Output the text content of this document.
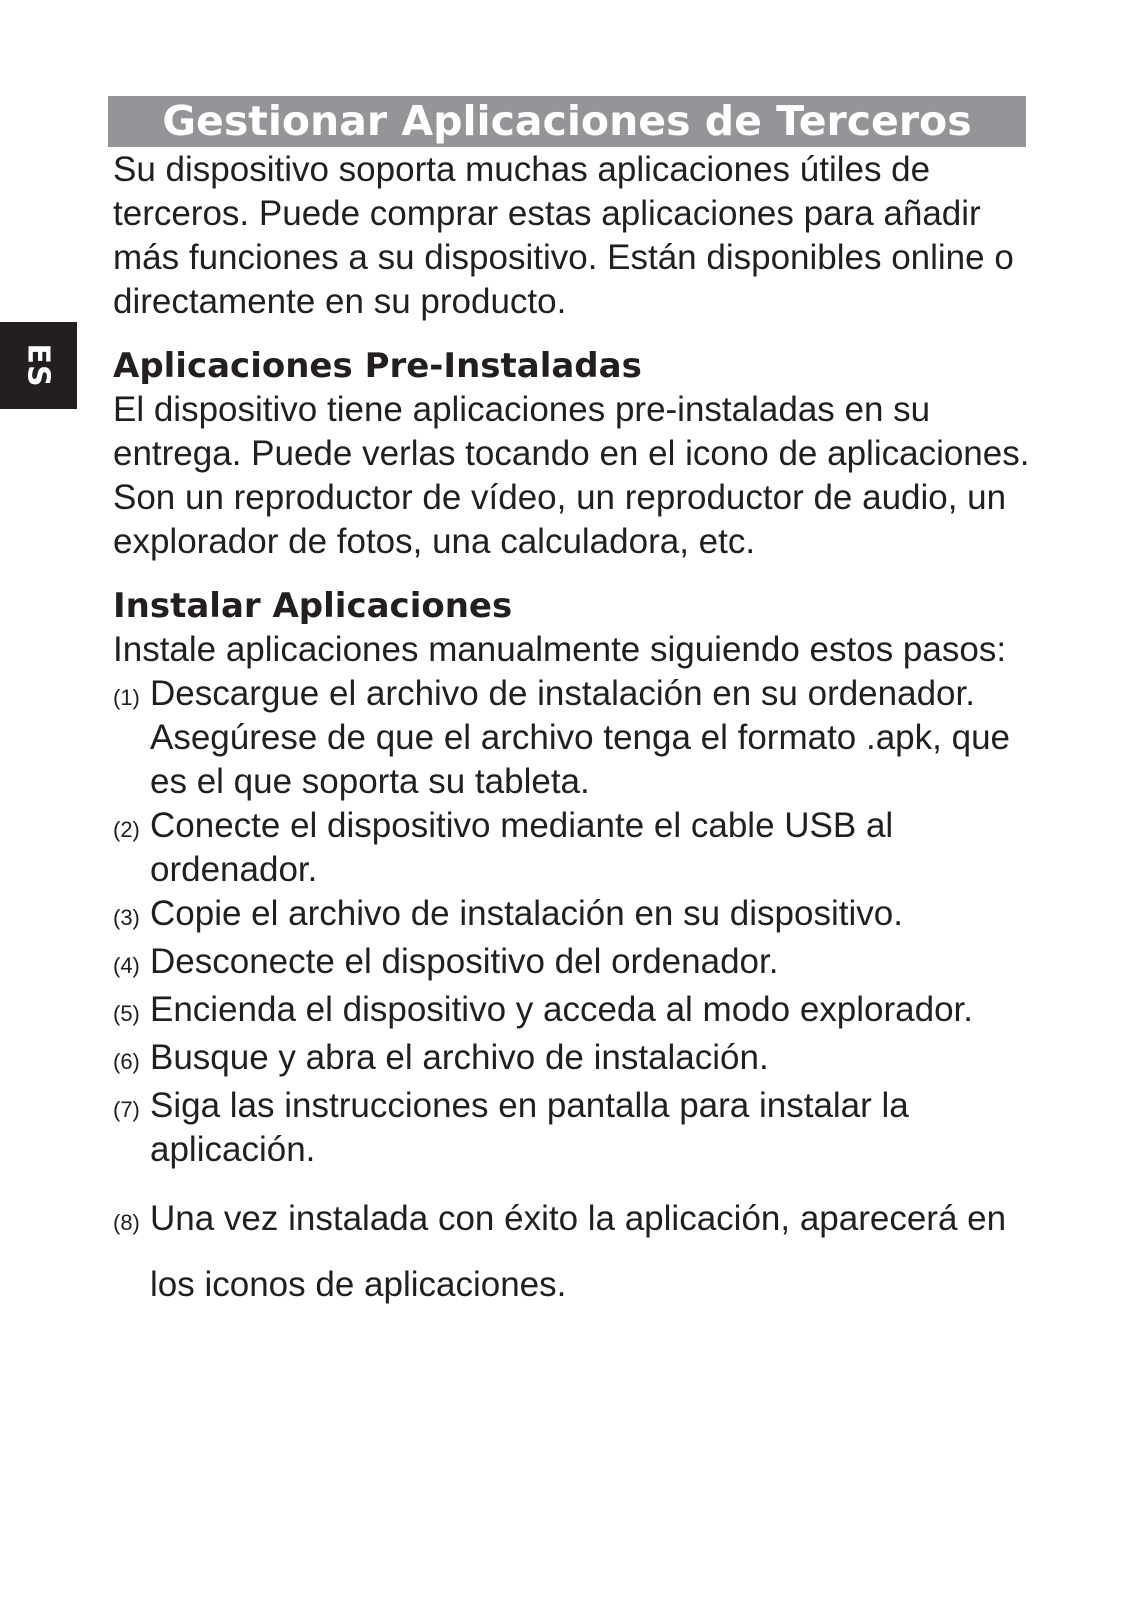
ES
Gestionar Aplicaciones de Terceros

Su dispositivo soporta muchas aplicaciones útiles de terceros. Puede comprar estas aplicaciones para añadir más funciones a su dispositivo. Están disponibles online o directamente en su producto.

Aplicaciones Pre-Instaladas

El dispositivo tiene aplicaciones pre-instaladas en su entrega. Puede verlas tocando en el icono de aplicaciones. Son un reproductor de vídeo, un reproductor de audio, un explorador de fotos, una calculadora, etc.

Instalar Aplicaciones

Instale aplicaciones manualmente siguiendo estos pasos:

(1) Descargue el archivo de instalación en su ordenador. Asegúrese de que el archivo tenga el formato .apk, que es el que soporta su tableta.
(2) Conecte el dispositivo mediante el cable USB al ordenador.
(3) Copie el archivo de instalación en su dispositivo.
(4) Desconecte el dispositivo del ordenador.
(5) Encienda el dispositivo y acceda al modo explorador.
(6) Busque y abra el archivo de instalación.
(7) Siga las instrucciones en pantalla para instalar la aplicación.
(8) Una vez instalada con éxito la aplicación, aparecerá en los iconos de aplicaciones.
